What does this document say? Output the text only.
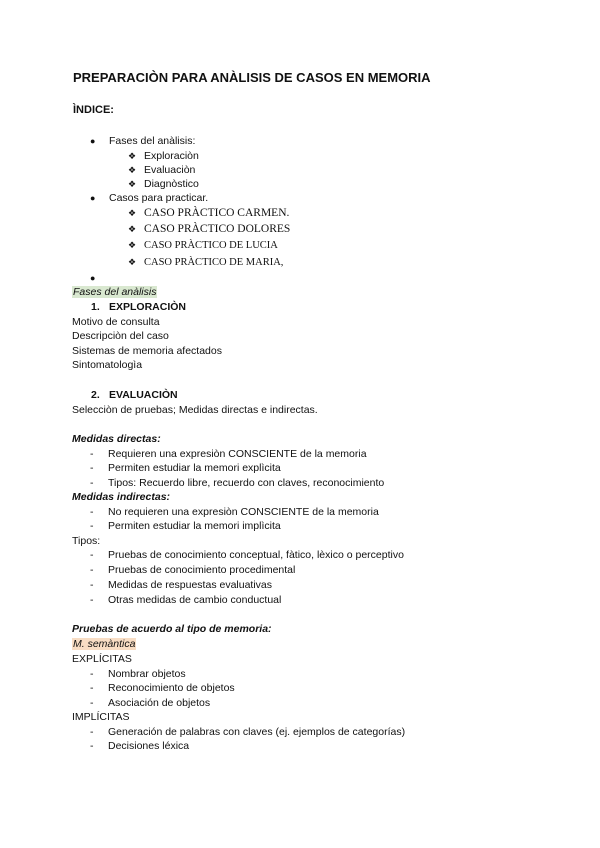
PREPARACIÒN PARA ANÀLISIS DE CASOS EN MEMORIA
ÌNDICE:
● Fases del anàlisis:
❖ Exploraciòn
❖ Evaluaciòn
❖ Diagnòstico
● Casos para practicar.
❖ CASO PRÀCTICO CARMEN.
❖ CASO PRÀCTICO DOLORES
❖ CASO PRÀCTICO DE LUCIA
❖ CASO PRÀCTICO DE MARIA,
●
Fases del anàlisis
1. EXPLORACIÒN
Motivo de consulta
Descripciòn del caso
Sistemas de memoria afectados
Sintomatologìa
2. EVALUACIÒN
Selecciòn de pruebas; Medidas directas e indirectas.
Medidas directas:
- Requieren una expresiòn CONSCIENTE de la memoria
- Permiten estudiar la memori explìcita
- Tipos: Recuerdo libre, recuerdo con claves, reconocimiento
Medidas indirectas:
- No requieren una expresiòn CONSCIENTE de la memoria
- Permiten estudiar la memori implìcita
Tipos:
- Pruebas de conocimiento conceptual, fàtico, lèxico o perceptivo
- Pruebas de conocimiento procedimental
- Medidas de respuestas evaluativas
- Otras medidas de cambio conductual
Pruebas de acuerdo al tipo de memoria:
M. semàntica
EXPLÍCITAS
- Nombrar objetos
- Reconocimiento de objetos
- Asociación de objetos
IMPLÍCITAS
- Generación de palabras con claves (ej. ejemplos de categorías)
- Decisiones léxica
